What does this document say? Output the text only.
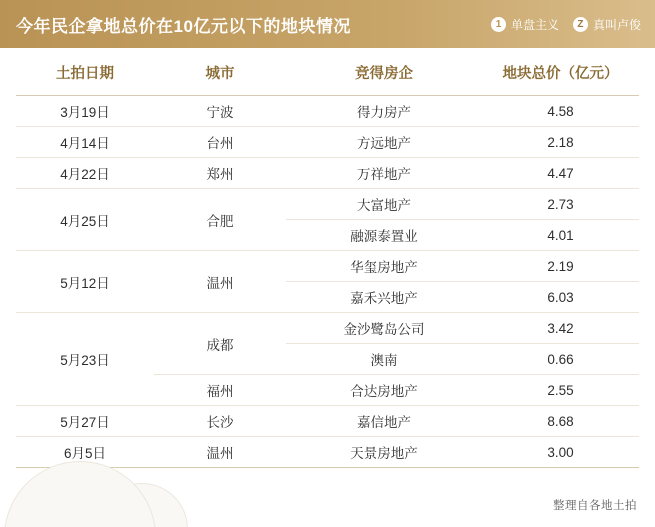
今年民企拿地总价在10亿元以下的地块情况	1 单盘主义	Z 真叫卢俊
土拍日期	城市	竞得房企	地块总价（亿元）
3月19日	宁波	得力房产	4.58
4月14日	台州	方远地产	2.18
4月22日	郑州	万祥地产	4.47
4月25日	合肥	大富地产	2.73
		融源泰置业	4.01
5月12日	温州	华玺房地产	2.19
		嘉禾兴地产	6.03
5月23日	成都	金沙鹭岛公司	3.42
		澳南	0.66
	福州	合达房地产	2.55
5月27日	长沙	嘉信地产	8.68
6月5日	温州	天景房地产	3.00
整理自各地土拍
